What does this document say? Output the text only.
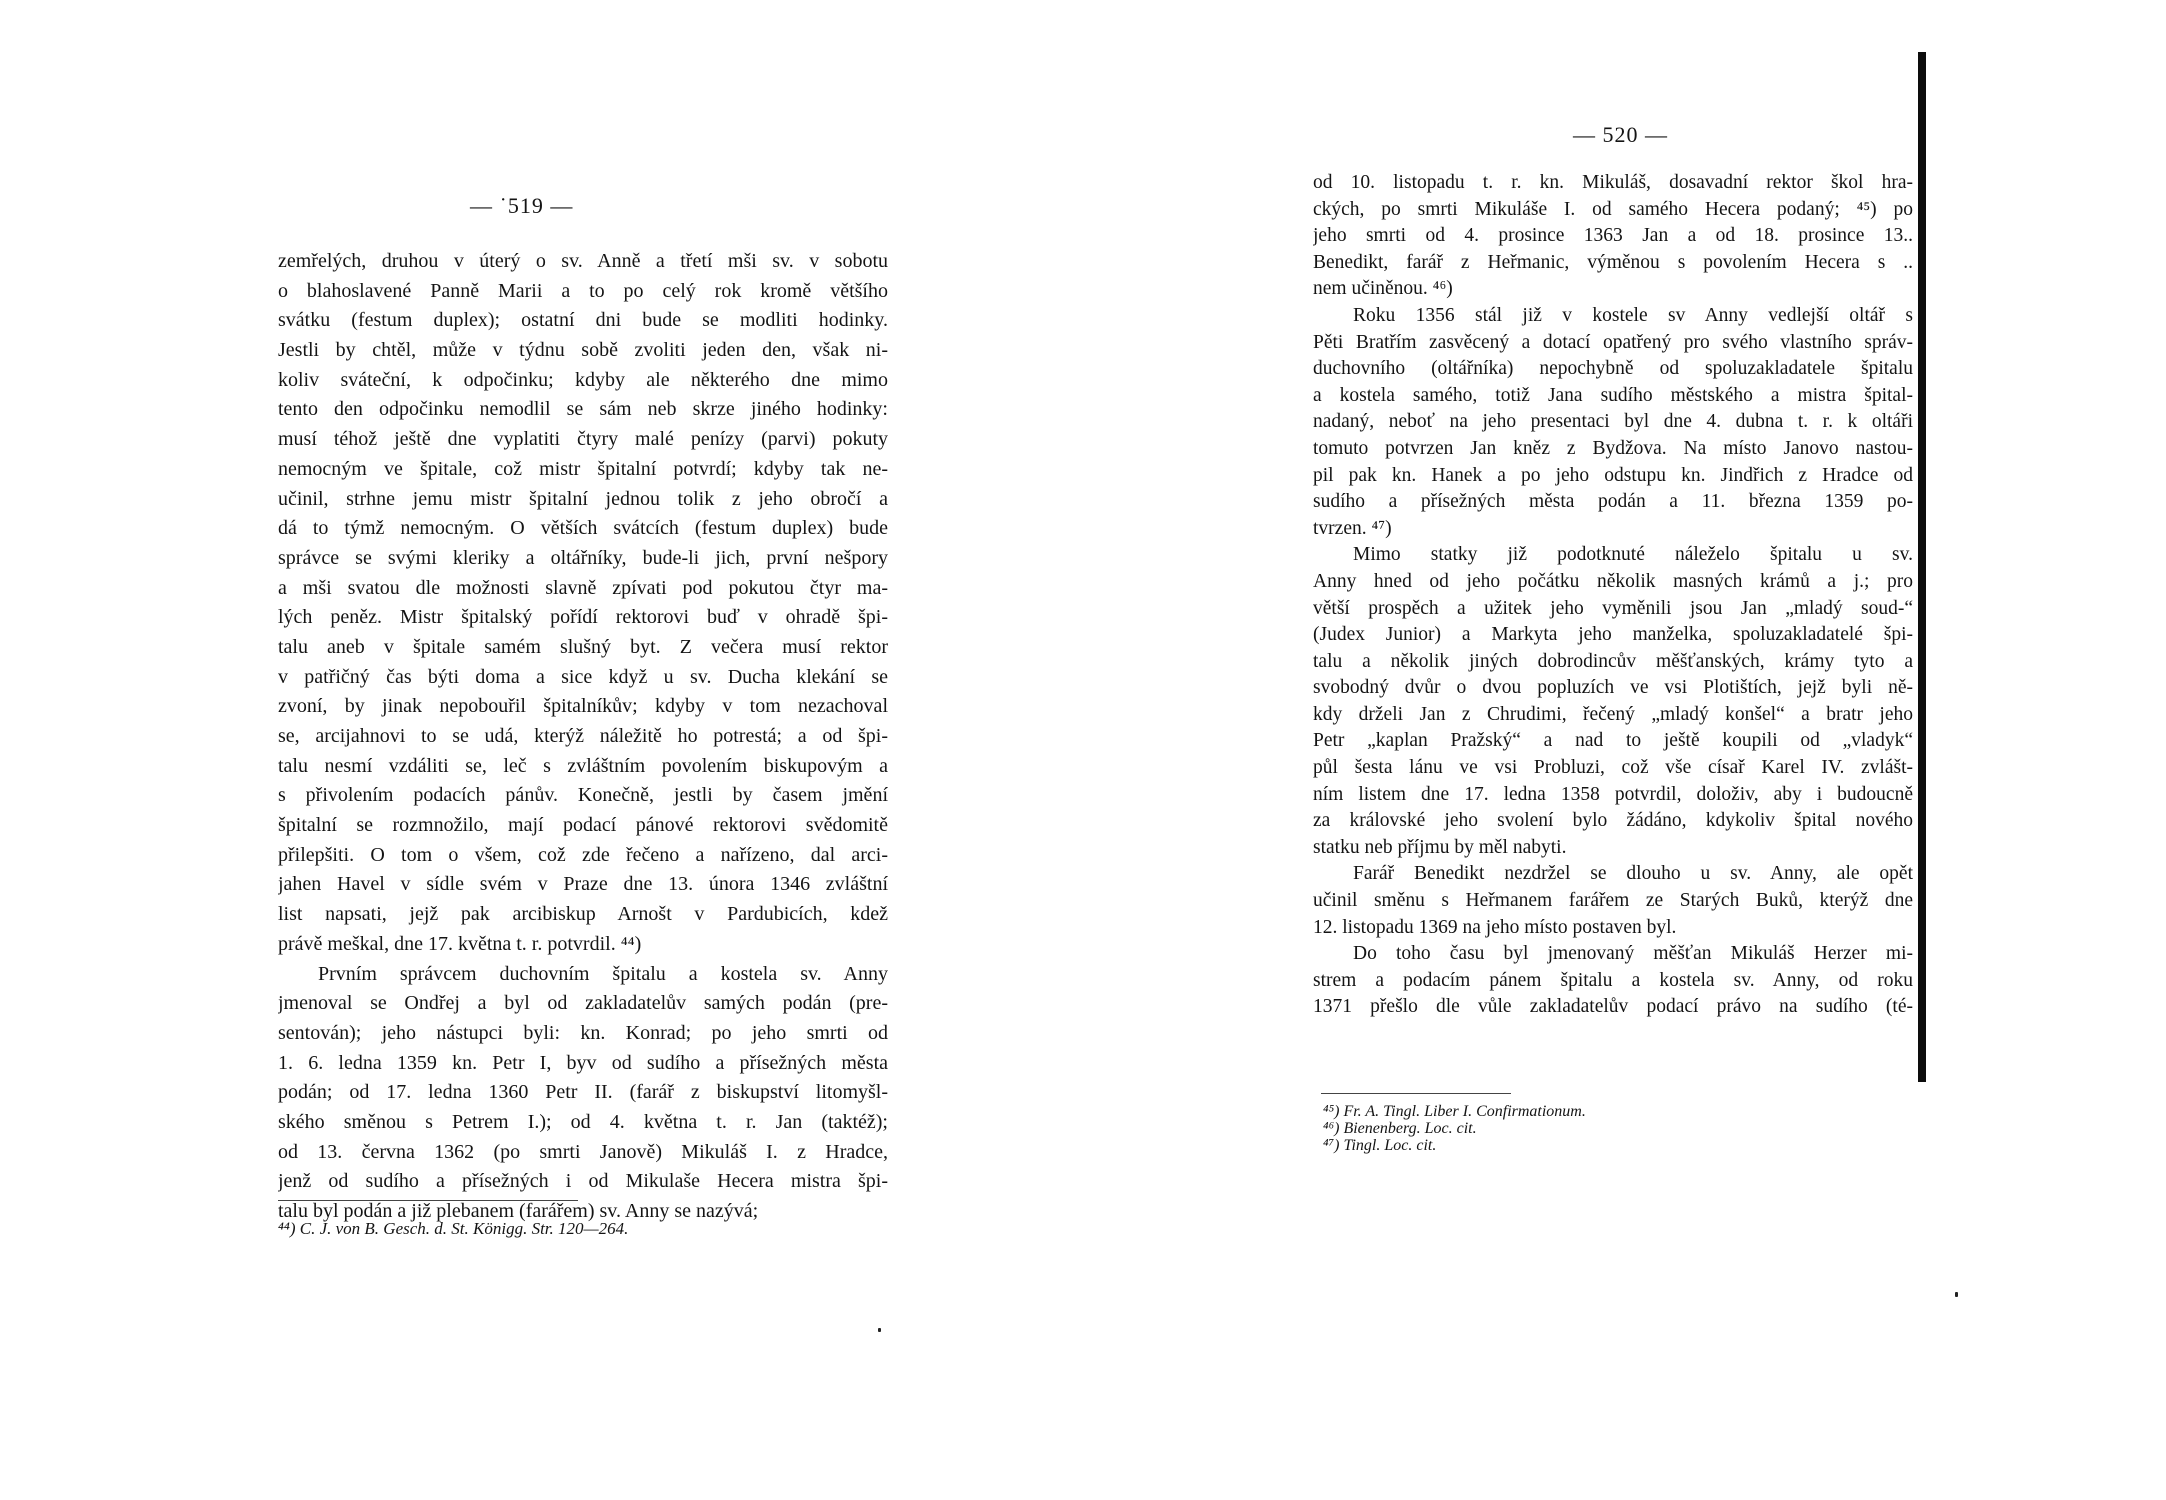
— ˙519 —
zemřelých, druhou v úterý o sv. Anně a třetí mši sv. v sobotu
o blahoslavené Panně Marii a to po celý rok kromě většího
svátku (festum duplex); ostatní dni bude se modliti hodinky.
Jestli by chtěl, může v týdnu sobě zvoliti jeden den, však ni-
koliv sváteční, k odpočinku; kdyby ale některého dne mimo
tento den odpočinku nemodlil se sám neb skrze jiného hodinky:
musí téhož ještě dne vyplatiti čtyry malé penízy (parvi) pokuty
nemocným ve špitale, což mistr špitalní potvrdí; kdyby tak ne-
učinil, strhne jemu mistr špitalní jednou tolik z jeho obročí a
dá to týmž nemocným. O větších svátcích (festum duplex) bude
správce se svými kleriky a oltářníky, bude-li jich, první nešpory
a mši svatou dle možnosti slavně zpívati pod pokutou čtyr ma-
lých peněz. Mistr špitalský pořídí rektorovi buď v ohradě špi-
talu aneb v špitale samém slušný byt. Z večera musí rektor
v patřičný čas býti doma a sice když u sv. Ducha klekání se
zvoní, by jinak nepobouřil špitalníkův; kdyby v tom nezachoval
se, arcijahnovi to se udá, kterýž náležitě ho potrestá; a od špi-
talu nesmí vzdáliti se, leč s zvláštním povolením biskupovým a
s přivolením podacích pánův. Konečně, jestli by časem jmění
špitalní se rozmnožilo, mají podací pánové rektorovi svědomitě
přilepšiti. O tom o všem, což zde řečeno a nařízeno, dal arci-
jahen Havel v sídle svém v Praze dne 13. února 1346 zvláštní
list napsati, jejž pak arcibiskup Arnošt v Pardubicích, kdež
právě meškal, dne 17. května t. r. potvrdil. ⁴⁴)
Prvním správcem duchovním špitalu a kostela sv. Anny
jmenoval se Ondřej a byl od zakladatelův samých podán (pre-
sentován); jeho nástupci byli: kn. Konrad; po jeho smrti od
1. 6. ledna 1359 kn. Petr I, byv od sudího a přísežných města
podán; od 17. ledna 1360 Petr II. (farář z biskupství litomyšl-
ského směnou s Petrem I.); od 4. května t. r. Jan (taktéž);
od 13. června 1362 (po smrti Janově) Mikuláš I. z Hradce,
jenž od sudího a přísežných i od Mikulaše Hecera mistra špi-
talu byl podán a již plebanem (farářem) sv. Anny se nazývá;
⁴⁴) C. J. von B. Gesch. d. St. Königg. Str. 120—264.
— 520 —
od 10. listopadu t. r. kn. Mikuláš, dosavadní rektor škol hra-
ckých, po smrti Mikuláše I. od samého Hecera podaný; ⁴⁵) po
jeho smrti od 4. prosince 1363 Jan a od 18. prosince 13..
Benedikt, farář z Heřmanic, výměnou s povolením Hecera s ..
nem učiněnou. ⁴⁶)
Roku 1356 stál již v kostele sv Anny vedlejší oltář s
Pěti Bratřím zasvěcený a dotací opatřený pro svého vlastního správ-
duchovního (oltářníka) nepochybně od spoluzakladatele špitalu
a kostela samého, totiž Jana sudího městského a mistra špital-
nadaný, neboť na jeho presentaci byl dne 4. dubna t. r. k oltáři
tomuto potvrzen Jan kněz z Bydžova. Na místo Janovo nastou-
pil pak kn. Hanek a po jeho odstupu kn. Jindřich z Hradce od
sudího a přísežných města podán a 11. března 1359 po-
tvrzen. ⁴⁷)
Mimo statky již podotknuté náleželo špitalu u sv.
Anny hned od jeho počátku několik masných krámů a j.; pro
větší prospěch a užitek jeho vyměnili jsou Jan „mladý soud-“
(Judex Junior) a Markyta jeho manželka, spoluzakladatelé špi-
talu a několik jiných dobrodincův měšťanských, krámy tyto a
svobodný dvůr o dvou popluzích ve vsi Plotištích, jejž byli ně-
kdy drželi Jan z Chrudimi, řečený „mladý konšel“ a bratr jeho
Petr „kaplan Pražský“ a nad to ještě koupili od „vladyk“
půl šesta lánu ve vsi Probluzi, což vše císař Karel IV. zvlášt-
ním listem dne 17. ledna 1358 potvrdil, doloživ, aby i budoucně
za královské jeho svolení bylo žádáno, kdykoliv špital nového
statku neb příjmu by měl nabyti.
Farář Benedikt nezdržel se dlouho u sv. Anny, ale opět
učinil směnu s Heřmanem farářem ze Starých Buků, kterýž dne
12. listopadu 1369 na jeho místo postaven byl.
Do toho času byl jmenovaný měšťan Mikuláš Herzer mi-
strem a podacím pánem špitalu a kostela sv. Anny, od roku
1371 přešlo dle vůle zakladatelův podací právo na sudího (té-
⁴⁵) Fr. A. Tingl. Liber I. Confirmationum.
⁴⁶) Bienenberg. Loc. cit.
⁴⁷) Tingl. Loc. cit.
